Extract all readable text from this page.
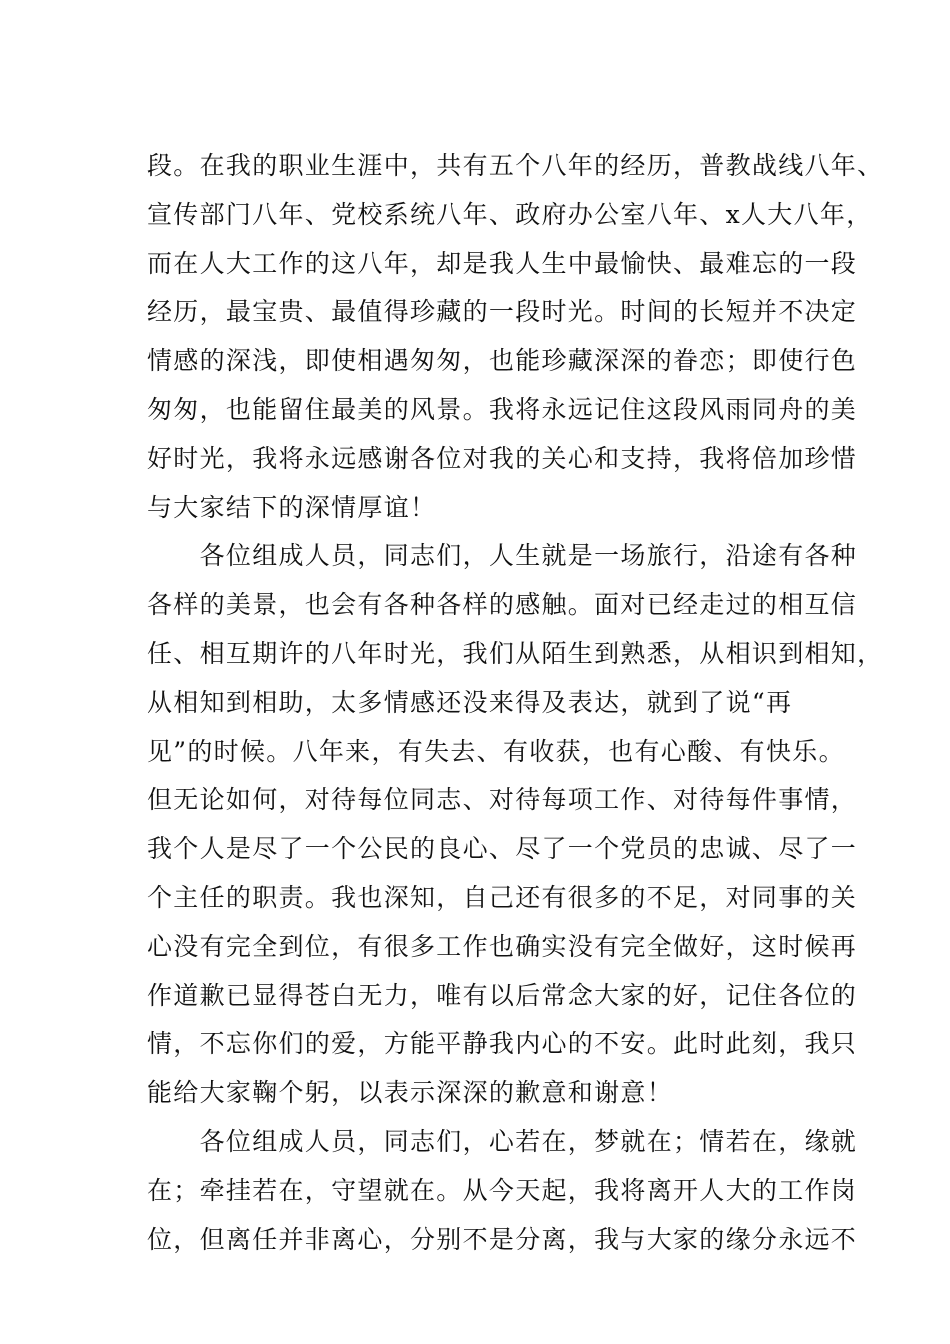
段。在我的职业生涯中，共有五个八年的经历，普教战线八年、
宣传部门八年、党校系统八年、政府办公室八年、x人大八年，
而在人大工作的这八年，却是我人生中最愉快、最难忘的一段
经历，最宝贵、最值得珍藏的一段时光。时间的长短并不决定
情感的深浅，即使相遇匆匆，也能珍藏深深的眷恋；即使行色
匆匆，也能留住最美的风景。我将永远记住这段风雨同舟的美
好时光，我将永远感谢各位对我的关心和支持，我将倍加珍惜
与大家结下的深情厚谊！
　　各位组成人员，同志们，人生就是一场旅行，沿途有各种
各样的美景，也会有各种各样的感触。面对已经走过的相互信
任、相互期许的八年时光，我们从陌生到熟悉，从相识到相知，
从相知到相助，太多情感还没来得及表达，就到了说“再
见”的时候。八年来，有失去、有收获，也有心酸、有快乐。
但无论如何，对待每位同志、对待每项工作、对待每件事情，
我个人是尽了一个公民的良心、尽了一个党员的忠诚、尽了一
个主任的职责。我也深知，自己还有很多的不足，对同事的关
心没有完全到位，有很多工作也确实没有完全做好，这时候再
作道歉已显得苍白无力，唯有以后常念大家的好，记住各位的
情，不忘你们的爱，方能平静我内心的不安。此时此刻，我只
能给大家鞠个躬，以表示深深的歉意和谢意！
　　各位组成人员，同志们，心若在，梦就在；情若在，缘就
在；牵挂若在，守望就在。从今天起，我将离开人大的工作岗
位，但离任并非离心，分别不是分离，我与大家的缘分永远不
